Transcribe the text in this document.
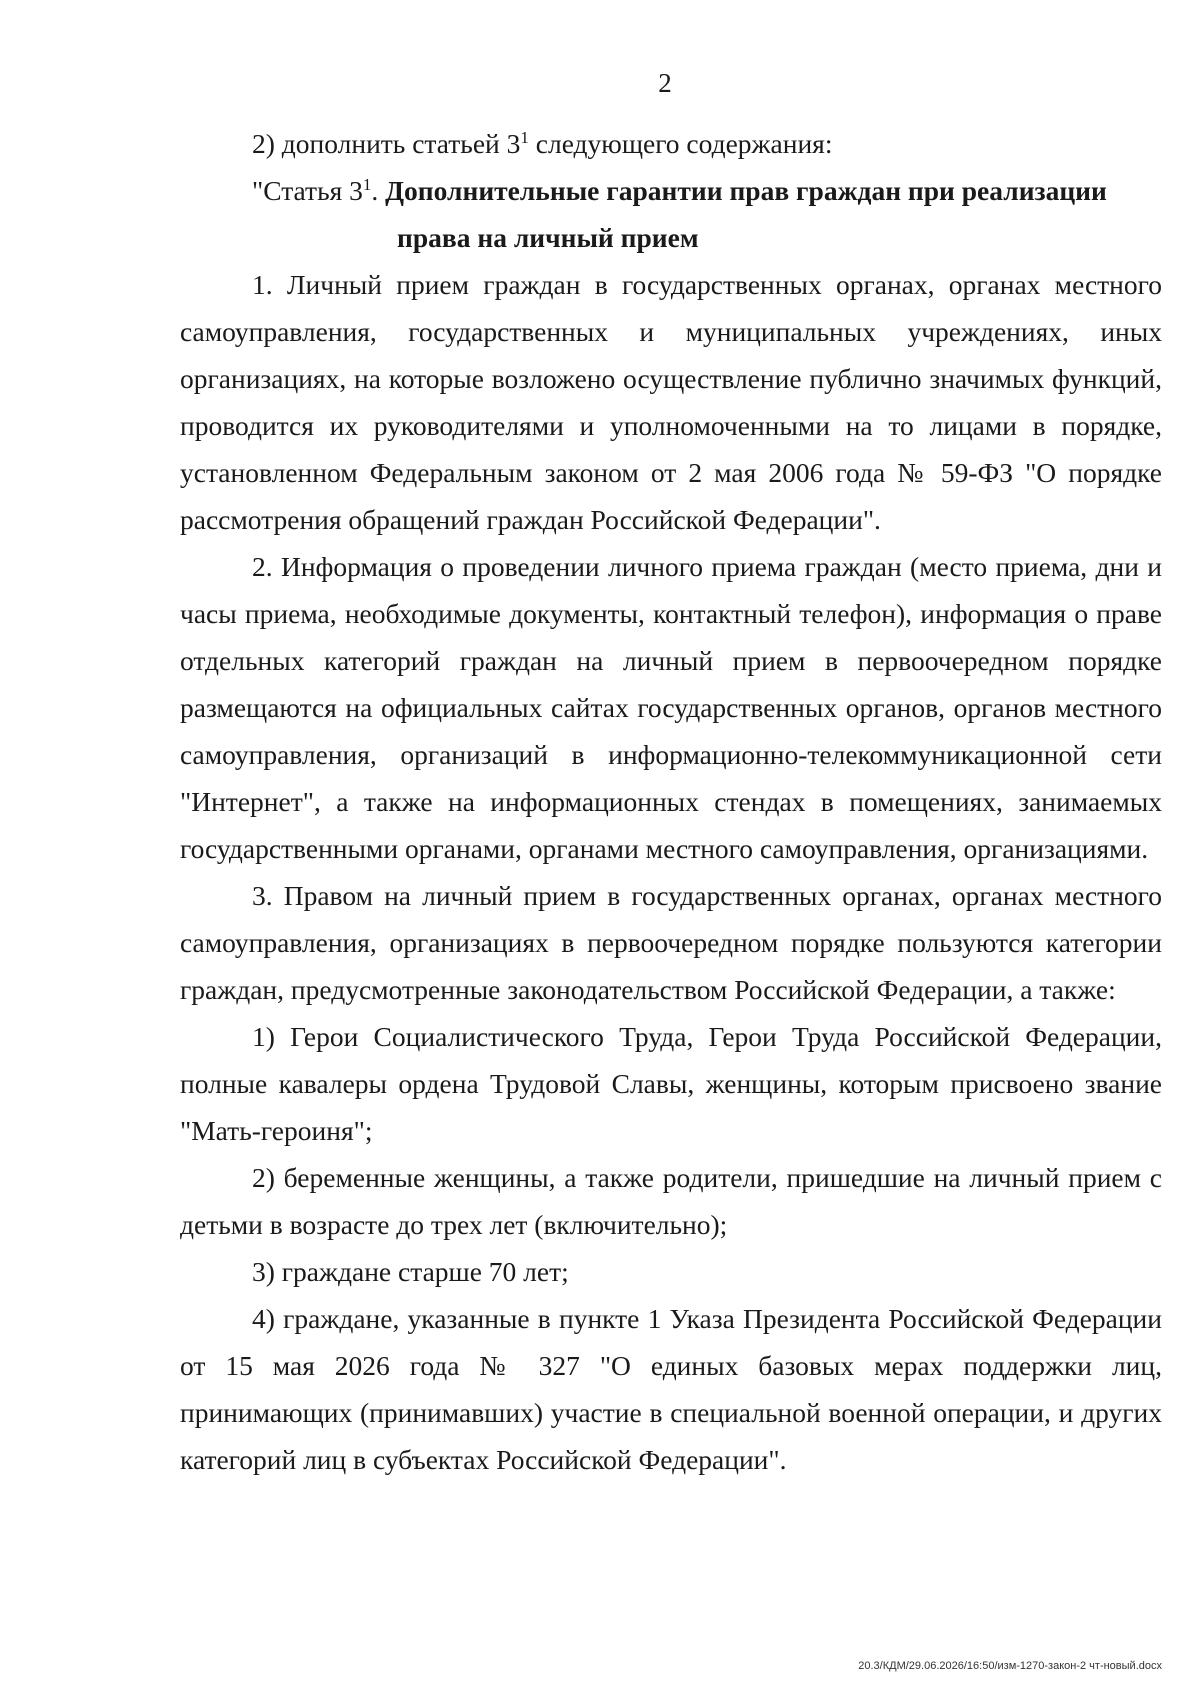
2

2) дополнить статьей $3^1$ следующего содержания:

"Статья $3^1$. Дополнительные гарантии прав граждан при реализации
права на личный прием

1. Личный прием граждан в государственных органах, органах местного самоуправления, государственных и муниципальных учреждениях, иных организациях, на которые возложено осуществление публично значимых функций, проводится их руководителями и уполномоченными на то лицами в порядке, установленном Федеральным законом от 2 мая 2006 года № 59-ФЗ "О порядке рассмотрения обращений граждан Российской Федерации".

2. Информация о проведении личного приема граждан (место приема, дни и часы приема, необходимые документы, контактный телефон), информация о праве отдельных категорий граждан на личный прием в первоочередном порядке размещаются на официальных сайтах государственных органов, органов местного самоуправления, организаций в информационно-телекоммуникационной сети "Интернет", а также на информационных стендах в помещениях, занимаемых государственными органами, органами местного самоуправления, организациями.

3. Правом на личный прием в государственных органах, органах местного самоуправления, организациях в первоочередном порядке пользуются категории граждан, предусмотренные законодательством Российской Федерации, а также:

1) Герои Социалистического Труда, Герои Труда Российской Федерации, полные кавалеры ордена Трудовой Славы, женщины, которым присвоено звание "Мать-героиня";

2) беременные женщины, а также родители, пришедшие на личный прием с детьми в возрасте до трех лет (включительно);

3) граждане старше 70 лет;

4) граждане, указанные в пункте 1 Указа Президента Российской Федерации от 15 мая 2026 года № 327 "О единых базовых мерах поддержки лиц, принимающих (принимавших) участие в специальной военной операции, и других категорий лиц в субъектах Российской Федерации".

20.3/КДМ/29.06.2026/16:50/изм-1270-закон-2 чт-новый.docx
